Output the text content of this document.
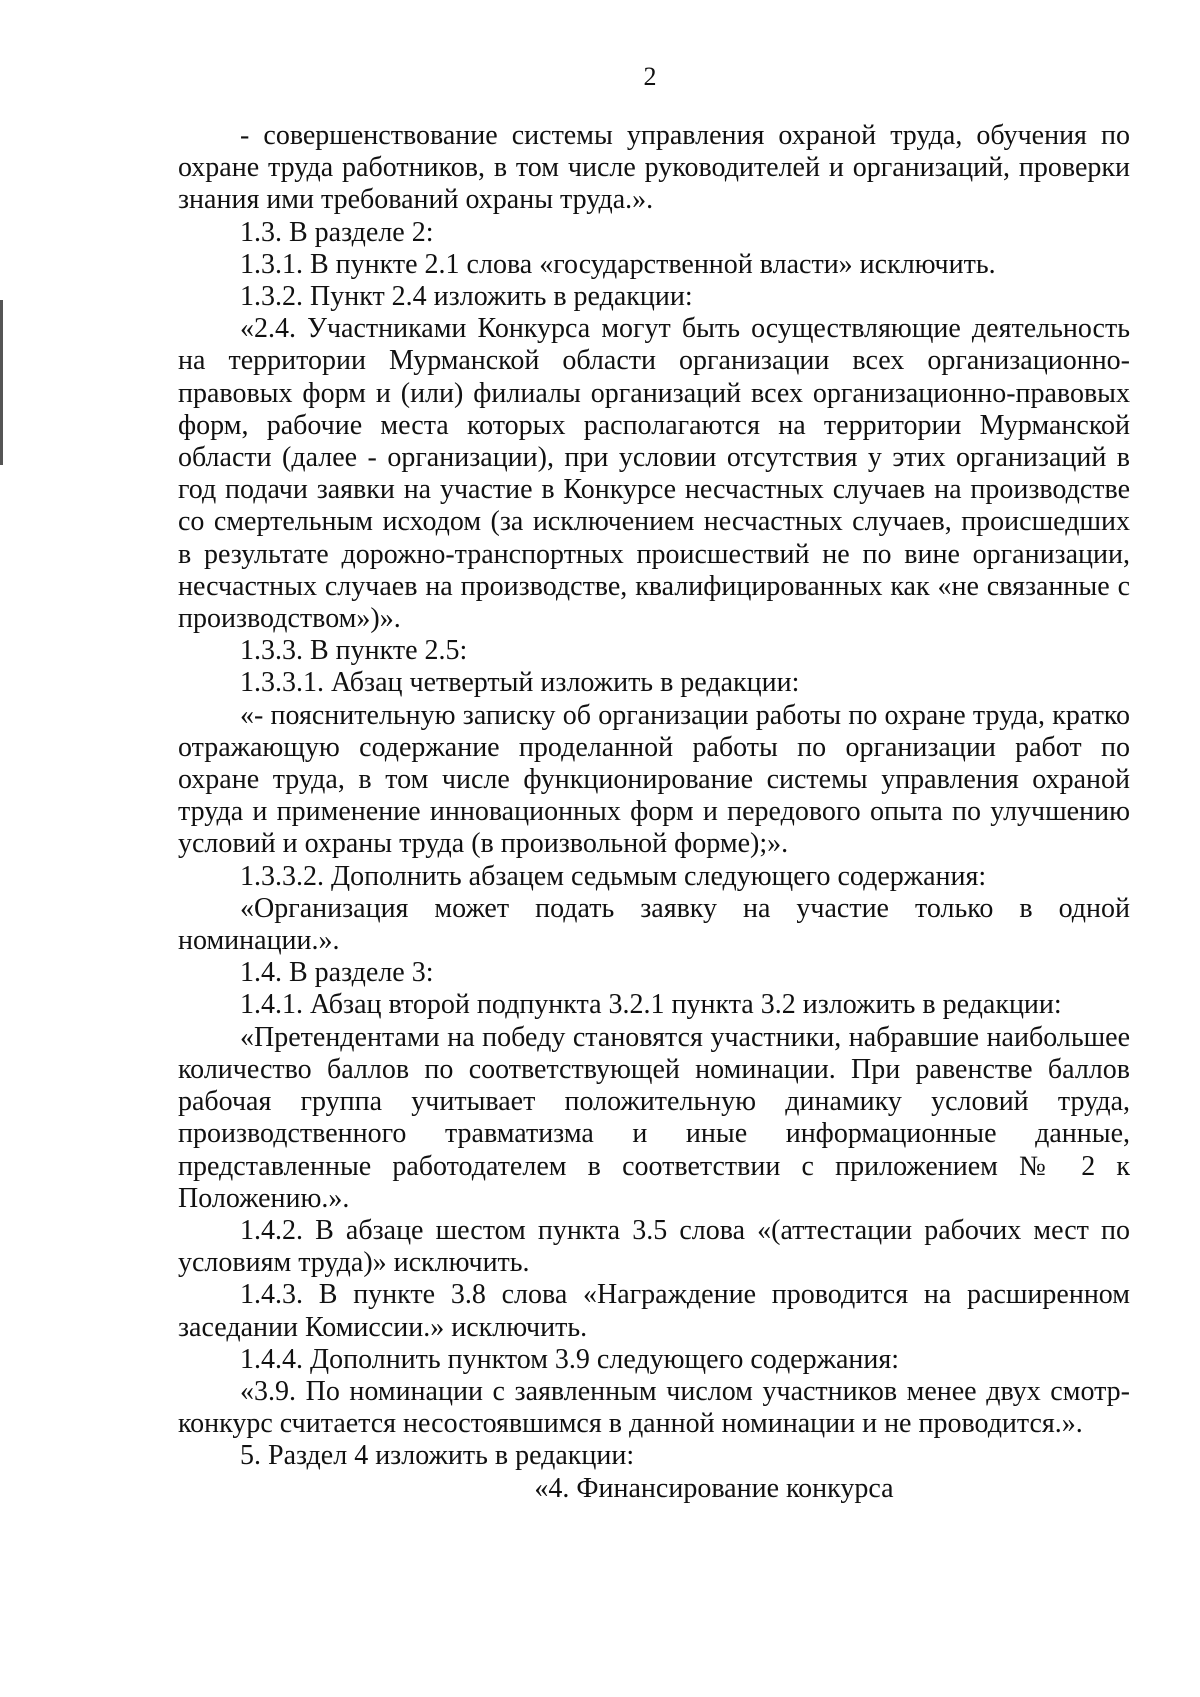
2

- совершенствование системы управления охраной труда, обучения по охране труда работников, в том числе руководителей и организаций, проверки знания ими требований охраны труда.».

1.3. В разделе 2:

1.3.1. В пункте 2.1 слова «государственной власти» исключить.

1.3.2. Пункт 2.4 изложить в редакции:

«2.4. Участниками Конкурса могут быть осуществляющие деятельность на территории Мурманской области организации всех организационно-правовых форм и (или) филиалы организаций всех организационно-правовых форм, рабочие места которых располагаются на территории Мурманской области (далее - организации), при условии отсутствия у этих организаций в год подачи заявки на участие в Конкурсе несчастных случаев на производстве со смертельным исходом (за исключением несчастных случаев, происшедших в результате дорожно-транспортных происшествий не по вине организации, несчастных случаев на производстве, квалифицированных как «не связанные с производством»)».

1.3.3. В пункте 2.5:

1.3.3.1. Абзац четвертый изложить в редакции:

«- пояснительную записку об организации работы по охране труда, кратко отражающую содержание проделанной работы по организации работ по охране труда, в том числе функционирование системы управления охраной труда и применение инновационных форм и передового опыта по улучшению условий и охраны труда (в произвольной форме);».

1.3.3.2. Дополнить абзацем седьмым следующего содержания:

«Организация может подать заявку на участие только в одной номинации.».

1.4. В разделе 3:

1.4.1. Абзац второй подпункта 3.2.1 пункта 3.2 изложить в редакции:

«Претендентами на победу становятся участники, набравшие наибольшее количество баллов по соответствующей номинации. При равенстве баллов рабочая группа учитывает положительную динамику условий труда, производственного травматизма и иные информационные данные, представленные работодателем в соответствии с приложением № 2 к Положению.».

1.4.2. В абзаце шестом пункта 3.5 слова «(аттестации рабочих мест по условиям труда)» исключить.

1.4.3. В пункте 3.8 слова «Награждение проводится на расширенном заседании Комиссии.» исключить.

1.4.4. Дополнить пунктом 3.9 следующего содержания:

«3.9. По номинации с заявленным числом участников менее двух смотр-конкурс считается несостоявшимся в данной номинации и не проводится.».

5. Раздел 4 изложить в редакции:

«4. Финансирование конкурса
